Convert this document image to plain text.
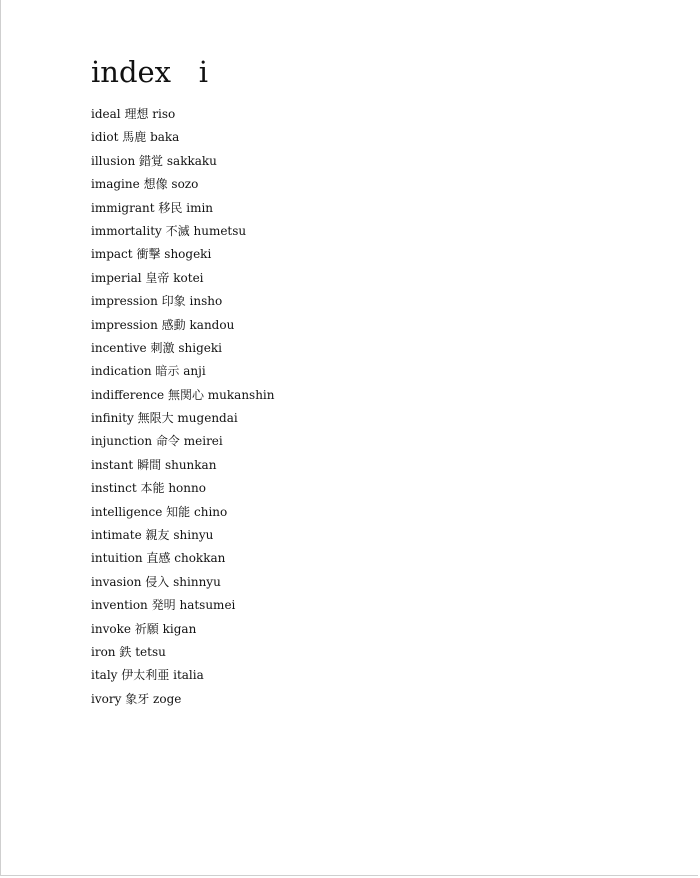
index   i
ideal 理想 riso
idiot 馬鹿 baka
illusion 錯覚 sakkaku
imagine 想像 sozo
immigrant 移民 imin
immortality 不滅 humetsu
impact 衝撃 shogeki
imperial 皇帝 kotei
impression 印象 insho
impression 感動 kandou
incentive 刺激 shigeki
indication 暗示 anji
indifference 無関心 mukanshin
infinity 無限大 mugendai
injunction 命令 meirei
instant 瞬間 shunkan
instinct 本能 honno
intelligence 知能 chino
intimate 親友 shinyu
intuition 直感 chokkan
invasion 侵入 shinnyu
invention 発明 hatsumei
invoke 祈願 kigan
iron 鉄 tetsu
italy 伊太利亜 italia
ivory 象牙 zoge
